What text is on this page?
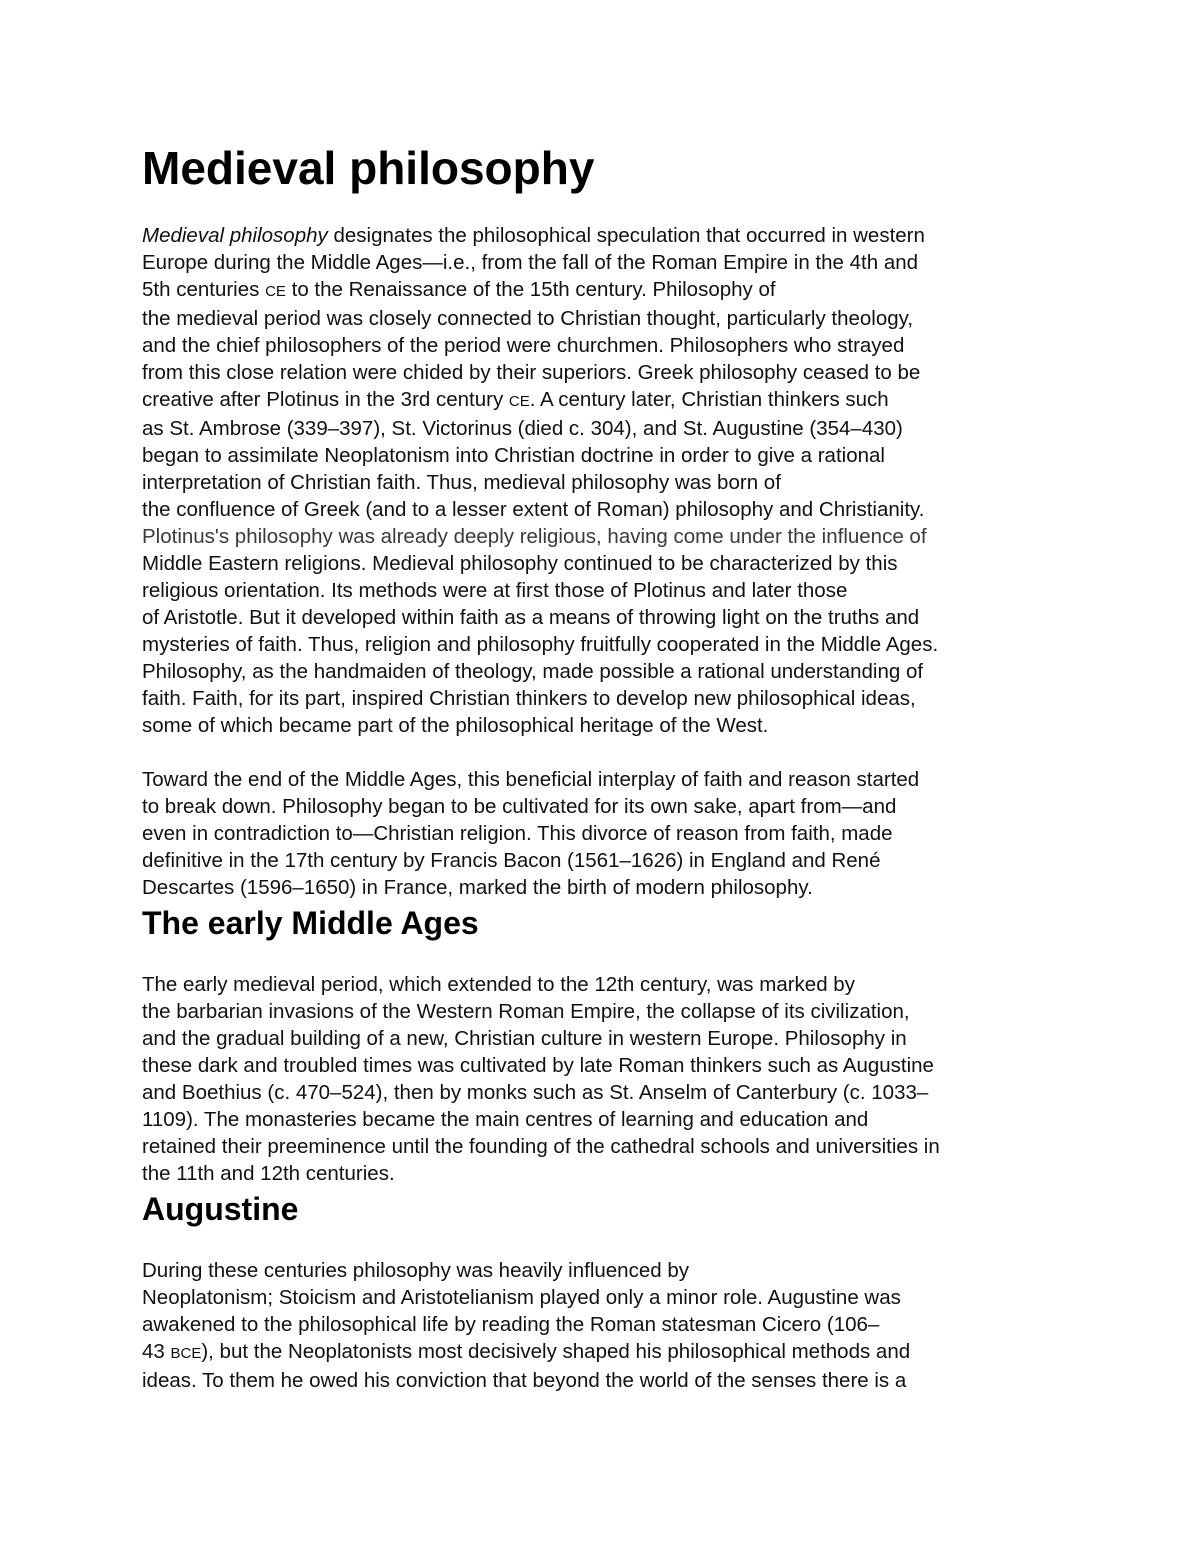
Medieval philosophy
Medieval philosophy designates the philosophical speculation that occurred in western
Europe during the Middle Ages—i.e., from the fall of the Roman Empire in the 4th and
5th centuries CE to the Renaissance of the 15th century. Philosophy of
the medieval period was closely connected to Christian thought, particularly theology,
and the chief philosophers of the period were churchmen. Philosophers who strayed
from this close relation were chided by their superiors. Greek philosophy ceased to be
creative after Plotinus in the 3rd century CE. A century later, Christian thinkers such
as St. Ambrose (339–397), St. Victorinus (died c. 304), and St. Augustine (354–430)
began to assimilate Neoplatonism into Christian doctrine in order to give a rational
interpretation of Christian faith. Thus, medieval philosophy was born of
the confluence of Greek (and to a lesser extent of Roman) philosophy and Christianity.
Plotinus's philosophy was already deeply religious, having come under the influence of
Middle Eastern religions. Medieval philosophy continued to be characterized by this
religious orientation. Its methods were at first those of Plotinus and later those
of Aristotle. But it developed within faith as a means of throwing light on the truths and
mysteries of faith. Thus, religion and philosophy fruitfully cooperated in the Middle Ages.
Philosophy, as the handmaiden of theology, made possible a rational understanding of
faith. Faith, for its part, inspired Christian thinkers to develop new philosophical ideas,
some of which became part of the philosophical heritage of the West.
Toward the end of the Middle Ages, this beneficial interplay of faith and reason started
to break down. Philosophy began to be cultivated for its own sake, apart from—and
even in contradiction to—Christian religion. This divorce of reason from faith, made
definitive in the 17th century by Francis Bacon (1561–1626) in England and René
Descartes (1596–1650) in France, marked the birth of modern philosophy.
The early Middle Ages
The early medieval period, which extended to the 12th century, was marked by
the barbarian invasions of the Western Roman Empire, the collapse of its civilization,
and the gradual building of a new, Christian culture in western Europe. Philosophy in
these dark and troubled times was cultivated by late Roman thinkers such as Augustine
and Boethius (c. 470–524), then by monks such as St. Anselm of Canterbury (c. 1033–
1109). The monasteries became the main centres of learning and education and
retained their preeminence until the founding of the cathedral schools and universities in
the 11th and 12th centuries.
Augustine
During these centuries philosophy was heavily influenced by
Neoplatonism; Stoicism and Aristotelianism played only a minor role. Augustine was
awakened to the philosophical life by reading the Roman statesman Cicero (106–
43 BCE), but the Neoplatonists most decisively shaped his philosophical methods and
ideas. To them he owed his conviction that beyond the world of the senses there is a
